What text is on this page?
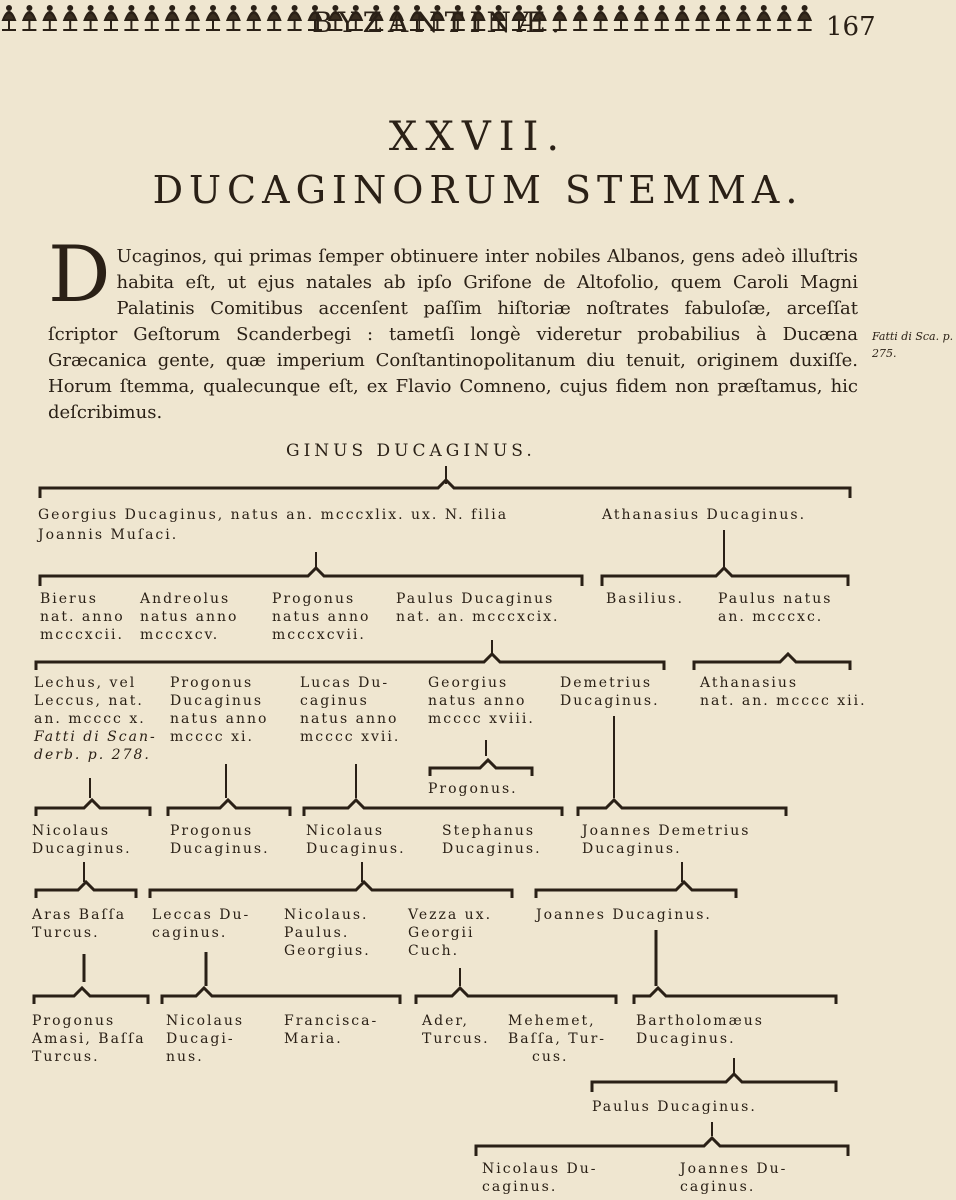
BYZANTINÆ.	167
XXVII.
DUCAGINORUM STEMMA.
D Ucaginos, qui primas ſemper obtinuere inter nobiles Albanos, gens adeò illuſtris habita eſt, ut ejus natales ab ipſo Grifone de Altofolio, quem Caroli Magni Palatinis Comitibus accenſent paſſim hiſtoriæ noſtrates fabuloſæ, arceſſat ſcriptor Geſtorum Scanderbegi : tametſi longè videretur probabilius à Ducæna Græcanica gente, quæ imperium Conſtantinopolitanum diu tenuit, originem duxiſſe. Horum ſtemma, qualecunque eſt, ex Flavio Comneno, cujus fidem non præſtamus, hic deſcribimus.

Fatti di Sca. p. 275.
GINUS DUCAGINUS.
Georgius Ducaginus, natus an. mcccxlix. ux. N. filia
Joannis Muſaci.
Athanasius Ducaginus.
Bierus
nat. anno
mcccxcii.
Andreolus
natus anno
mcccxcv.
Progonus
natus anno
mcccxcvii.
Paulus Ducaginus
nat. an. mcccxcix.
Basilius. Paulus natus
an. mcccxc.
Lechus, vel
Leccus, nat.
an. mcccc x.
Fatti di Scan-
derb. p. 278.
Progonus
Ducaginus
natus anno
mcccc xi.
Lucas Du-
caginus
natus anno
mcccc xvii.
Georgius
natus anno
mcccc xviii.
Demetrius
Ducaginus.
Athanasius
nat. an. mcccc xii.
Progonus.
Nicolaus
Ducaginus.
Progonus
Ducaginus.
Nicolaus
Ducaginus.
Stephanus
Ducaginus.
Joannes Demetrius
Ducaginus.
Aras Baſſa
Turcus.
Leccas Du-
caginus.
Nicolaus.
Paulus.
Georgius.
Vezza ux.
Georgii
Cuch.
Joannes Ducaginus.
Progonus
Amasi, Baſſa
Turcus.
Nicolaus
Ducagi-
nus.
Francisca-
Maria.
Ader,
Turcus.
Mehemet,
Baſſa, Tur-
cus.
Bartholomæus
Ducaginus.
Paulus Ducaginus.
Nicolaus Du-
caginus.
Joannes Du-
caginus.
